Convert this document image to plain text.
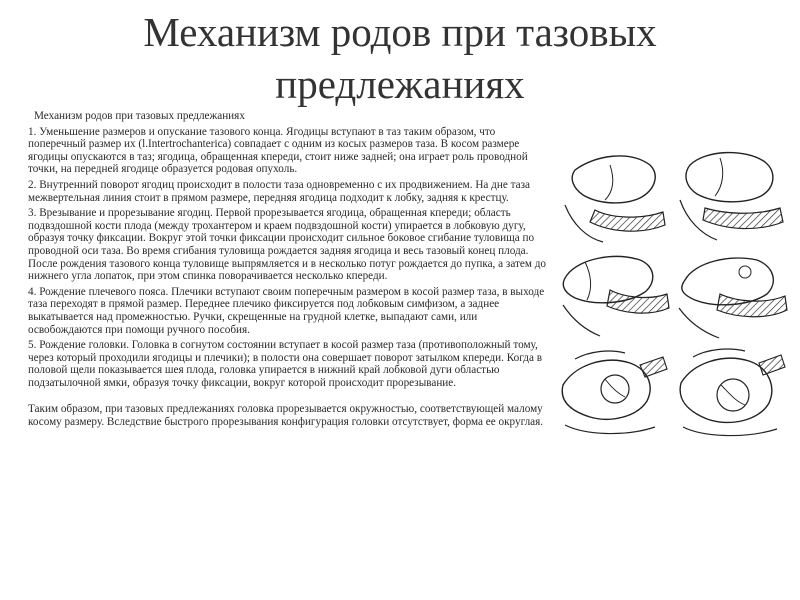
Механизм родов при тазовых
предлежаниях

Механизм родов при тазовых предлежаниях

1. Уменьшение размеров и опускание тазового конца. Ягодицы вступают в таз таким образом, что поперечный размер их (l.Intertrochanterica) совпадает с одним из косых размеров таза. В косом размере ягодицы опускаются в таз; ягодица, обращенная кпереди, стоит ниже задней; она играет роль проводной точки, на передней ягодице образуется родовая опухоль.

2. Внутренний поворот ягодиц происходит в полости таза одновременно с их продвижением. На дне таза межвертельная линия стоит в прямом размере, передняя ягодица подходит к лобку, задняя к крестцу.

3. Врезывание и прорезывание ягодиц. Первой прорезывается ягодица, обращенная кпереди; область подвздошной кости плода (между трохантером и краем подвздошной кости) упирается в лобковую дугу, образуя точку фиксации. Вокруг этой точки фиксации происходит сильное боковое сгибание туловища по проводной оси таза. Во время сгибания туловища рождается задняя ягодица и весь тазовый конец плода. После рождения тазового конца туловище выпрямляется и в несколько потуг рождается до пупка, а затем до нижнего угла лопаток, при этом спинка поворачивается несколько кпереди.

4. Рождение плечевого пояса. Плечики вступают своим поперечным размером в косой размер таза, в выходе таза переходят в прямой размер. Переднее плечико фиксируется под лобковым симфизом, а заднее выкатывается над промежностью. Ручки, скрещенные на грудной клетке, выпадают сами, или освобождаются при помощи ручного пособия.

5. Рождение головки. Головка в согнутом состоянии вступает в косой размер таза (противоположный тому, через который проходили ягодицы и плечики); в полости она совершает поворот затылком кпереди. Когда в половой щели показывается шея плода, головка упирается в нижний край лобковой дуги областью подзатылочной ямки, образуя точку фиксации, вокруг которой происходит прорезывание.

Таким образом, при тазовых предлежаниях головка прорезывается окружностью, соответствующей малому косому размеру. Вследствие быстрого прорезывания конфигурация головки отсутствует, форма ее округлая.
